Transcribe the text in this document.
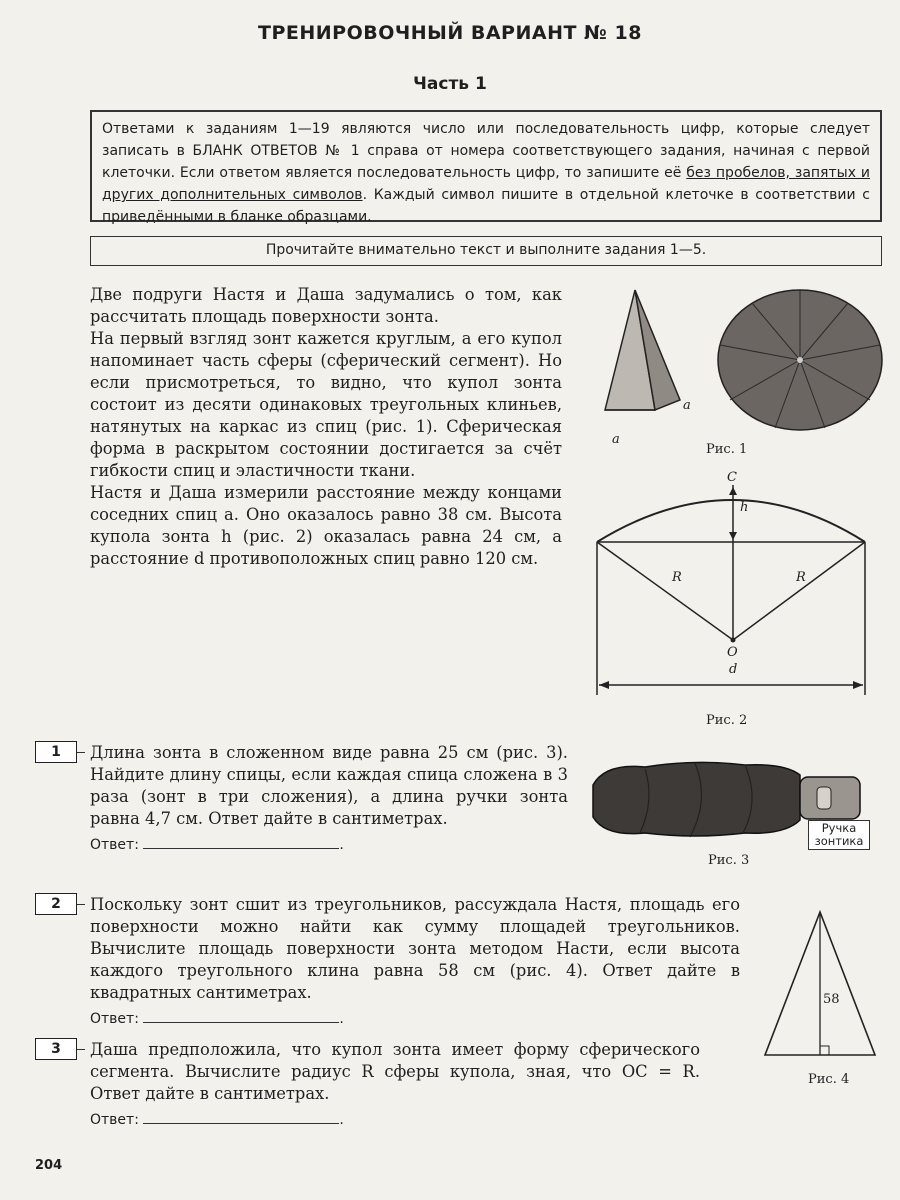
ТРЕНИРОВОЧНЫЙ ВАРИАНТ № 18
Часть 1
Ответами к заданиям 1—19 являются число или последовательность цифр, которые следует записать в БЛАНК ОТВЕТОВ № 1 справа от номера соответствующего задания, начиная с первой клеточки. Если ответом является последовательность цифр, то запишите её без пробелов, запятых и других дополнительных символов. Каждый символ пишите в отдельной клеточке в соответствии с приведёнными в бланке образцами.
Прочитайте внимательно текст и выполните задания 1—5.

Две подруги Настя и Даша задумались о том, как рассчитать площадь поверхности зонта.

На первый взгляд зонт кажется круглым, а его купол напоминает часть сферы (сферический сегмент). Но если присмотреться, то видно, что купол зонта состоит из десяти одинаковых треугольных клиньев, натянутых на каркас из спиц (рис. 1). Сферическая форма в раскрытом состоянии достигается за счёт гибкости спиц и эластичности ткани.

Настя и Даша измерили расстояние между концами соседних спиц a. Оно оказалось равно 38 см. Высота купола зонта h (рис. 2) оказалась равна 24 см, а расстояние d противоположных спиц равно 120 см.

a
a
Рис. 1
C
h
R	R
O
d
Рис. 2
1	Длина зонта в сложенном виде равна 25 см (рис. 3). Найдите длину спицы, если каждая спица сложена в 3 раза (зонт в три сложения), а длина ручки зонта равна 4,7 см. Ответ дайте в сантиметрах.

Ответ:	.
Ручка зонтика
Рис. 3
2	Поскольку зонт сшит из треугольников, рассуждала Настя, площадь его поверхности можно найти как сумму площадей треугольников. Вычислите площадь поверхности зонта методом Насти, если высота каждого треугольного клина равна 58 см (рис. 4). Ответ дайте в квадратных сантиметрах.

Ответ:	.
58
Рис. 4
3	Даша предположила, что купол зонта имеет форму сферического сегмента. Вычислите радиус R сферы купола, зная, что OC = R. Ответ дайте в сантиметрах.

Ответ:	.
204
